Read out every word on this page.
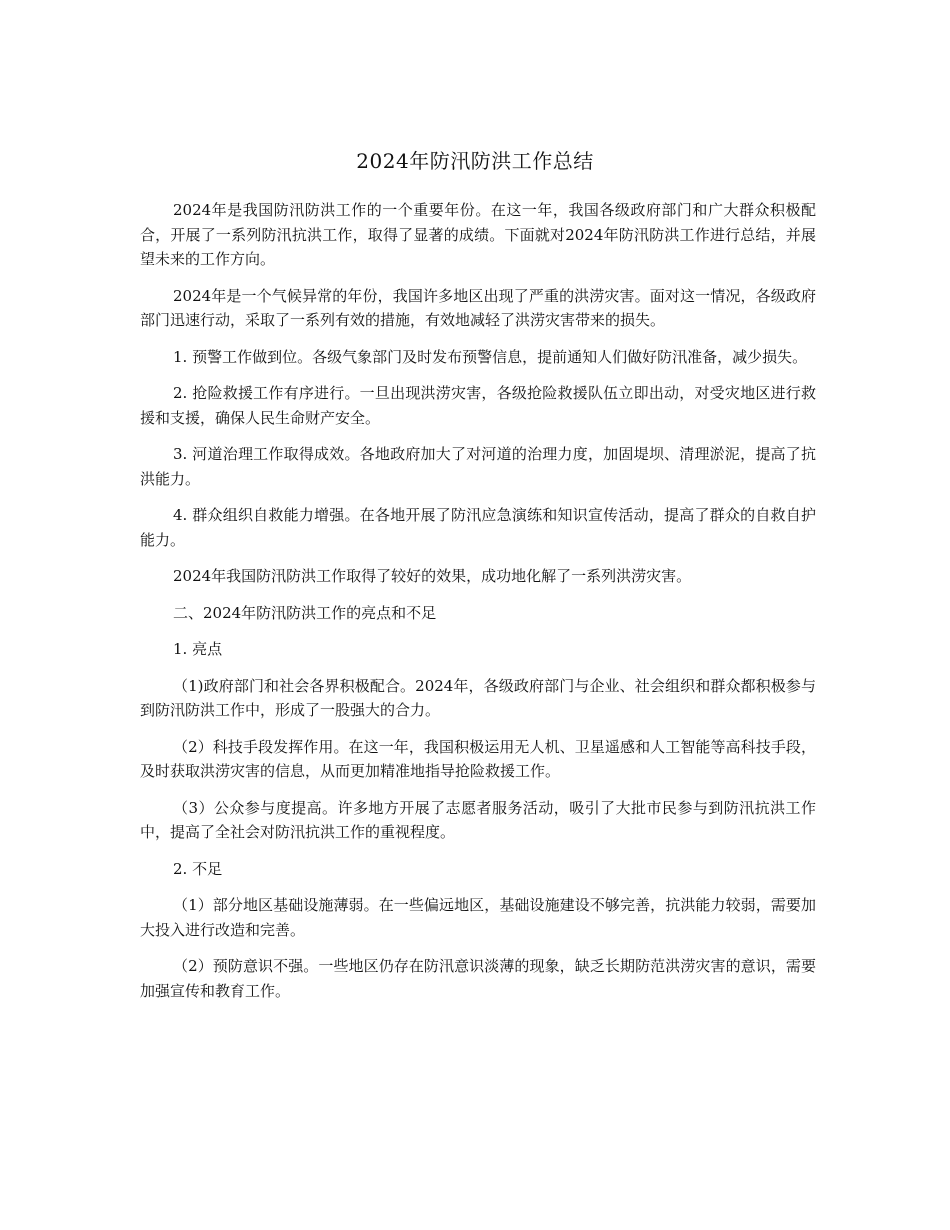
2024年防汛防洪工作总结

2024年是我国防汛防洪工作的一个重要年份。在这一年，我国各级政府部门和广大群众积极配合，开展了一系列防汛抗洪工作，取得了显著的成绩。下面就对2024年防汛防洪工作进行总结，并展望未来的工作方向。

2024年是一个气候异常的年份，我国许多地区出现了严重的洪涝灾害。面对这一情况，各级政府部门迅速行动，采取了一系列有效的措施，有效地减轻了洪涝灾害带来的损失。

1. 预警工作做到位。各级气象部门及时发布预警信息，提前通知人们做好防汛准备，减少损失。

2. 抢险救援工作有序进行。一旦出现洪涝灾害，各级抢险救援队伍立即出动，对受灾地区进行救援和支援，确保人民生命财产安全。

3. 河道治理工作取得成效。各地政府加大了对河道的治理力度，加固堤坝、清理淤泥，提高了抗洪能力。

4. 群众组织自救能力增强。在各地开展了防汛应急演练和知识宣传活动，提高了群众的自救自护能力。

2024年我国防汛防洪工作取得了较好的效果，成功地化解了一系列洪涝灾害。

二、2024年防汛防洪工作的亮点和不足

1. 亮点

（1)政府部门和社会各界积极配合。2024年，各级政府部门与企业、社会组织和群众都积极参与到防汛防洪工作中，形成了一股强大的合力。

（2）科技手段发挥作用。在这一年，我国积极运用无人机、卫星遥感和人工智能等高科技手段，及时获取洪涝灾害的信息，从而更加精准地指导抢险救援工作。

（3）公众参与度提高。许多地方开展了志愿者服务活动，吸引了大批市民参与到防汛抗洪工作中，提高了全社会对防汛抗洪工作的重视程度。

2. 不足

（1）部分地区基础设施薄弱。在一些偏远地区，基础设施建设不够完善，抗洪能力较弱，需要加大投入进行改造和完善。

（2）预防意识不强。一些地区仍存在防汛意识淡薄的现象，缺乏长期防范洪涝灾害的意识，需要加强宣传和教育工作。
